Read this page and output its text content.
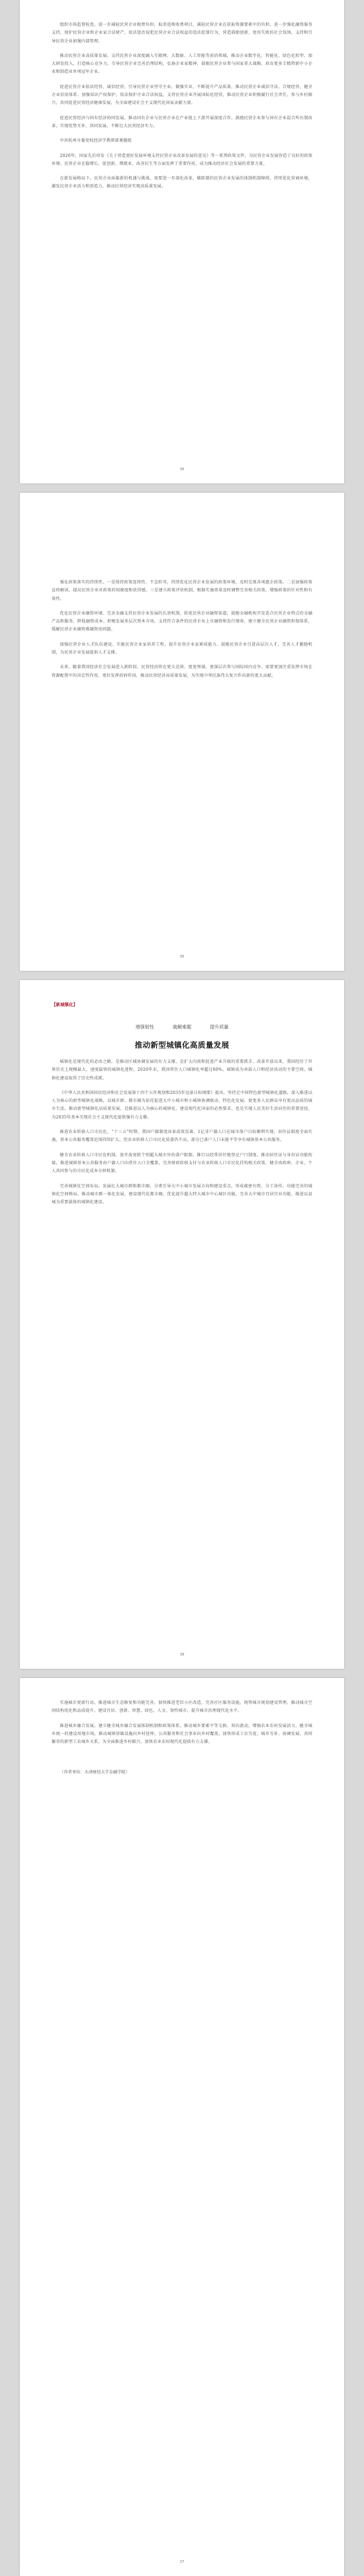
组织市场监督检查，进一步减轻民营企业税费负担，取消违规收费项目，减轻民营企业在获取资源要素中的负担，进一步强化融资服务支持，保护民营企业和企业家合法财产，依法惩治侵犯民营企业合法权益的违法犯罪行为，营造鼓励创新、宽容失败的社会氛围，支持和引导民营企业加强内部管理。

推动民营企业高质量发展。支持民营企业深度融入互联网、大数据、人工智能等前沿领域，推动企业数字化、智能化、绿色化转型，加大研发投入，打造核心竞争力。引导民营企业完善治理结构，弘扬企业家精神，鼓励民营企业参与国家重大战略，培育更多专精特新中小企业和制造业单项冠军企业。

促进民营企业依法经营、诚信经营。引导民营企业坚守主业，做强实业，不断提升产品质量，推动民营企业诚信守法、合规经营，健全企业信用体系。加强知识产权保护，依法保护企业合法权益，支持民营企业开展国际化经营，推动民营企业积极履行社会责任，参与乡村振兴，共同促进民营经济健康发展，为全面建设社会主义现代化国家贡献力量。

促进民营经济与国有经济协同发展。推动国有企业与民营企业在产业链上下游开展深度合作，鼓励民营企业参与国有企业混合所有制改革，实现优势互补、共同发展，不断壮大民营经济实力。

中共杭州市委党校经济学教研部课题组

2020年，国家先后印发《关于营造更好发展环境支持民营企业改革发展的意见》等一系列政策文件，为民营企业发展营造了良好的政策环境。民营企业在稳增长、促创新、增就业、改善民生等方面发挥了重要作用，成为推动经济社会发展的重要力量。

在新发展格局下，民营企业面临新的机遇与挑战。需要进一步深化改革，破除制约民营企业发展的体制机制障碍，持续优化营商环境，激发民营企业活力和创造力，推动民营经济实现高质量发展。

36

强化政策落实的持续性。一是保持政策连续性，不急转弯。持续优化民营企业发展的政策环境，及时兑现各项惠企政策。二是加强政策宣传解读，提高民营企业对政策的知晓度和获得感。三是建立政策评估机制，根据实施效果及时调整完善相关政策，增强政策的针对性和有效性。

优化民营企业融资环境。完善金融支持民营企业发展的长效机制，拓宽民营企业融资渠道，鼓励金融机构开发适合民营企业特点的金融产品和服务，降低融资成本。积极发展多层次资本市场，支持符合条件的民营企业上市融资和发行债券，建立健全民营企业融资担保体系，缓解民营企业融资难融资贵问题。

加强民营企业人才队伍建设。实施民营企业家培养工程，提升民营企业家素质能力。鼓励民营企业引进高层次人才，完善人才激励机制，为民营企业发展提供人才支撑。

未来，随着我国经济社会发展进入新阶段，民营经济将在更大范围、更宽领域、更深层次参与国际国内竞争。需要更加注重发挥市场在资源配置中的决定性作用，更好发挥政府作用，推动民营经济高质量发展，为实现中华民族伟大复兴作出新的更大贡献。

36
【新城镇化】
增强韧性	破解难题	提升质量
推动新型城镇化高质量发展

城镇化是现代化的必由之路，是推动区域协调发展的有力支撑，是扩大内需和促进产业升级的重要抓手。改革开放以来，我国经历了世界历史上规模最大、速度最快的城镇化进程。2020年末，我国常住人口城镇化率超过60%，城镇成为承载人口和经济活动的主要空间，城镇化建设取得了历史性成就。

《中华人民共和国国民经济和社会发展第十四个五年规划和2035年远景目标纲要》提出，坚持走中国特色新型城镇化道路，深入推进以人为核心的新型城镇化战略，以城市群、都市圈为依托促进大中小城市和小城镇协调联动、特色化发展，使更多人民群众享有更高品质的城市生活。推动新型城镇化高质量发展，是推进以人为核心的城镇化、建设现代化国家的必然要求，也是实现人民美好生活向往的重要途径，为2035年基本实现社会主义现代化提供强有力支撑。

推进农业转移人口市民化。“十三五”时期，我国户籍制度改革成效显著，1亿非户籍人口在城市落户目标顺利实现，居住证制度全面实施，基本公共服务覆盖范围持续扩大。但农业转移人口市民化质量仍不高，部分已落户人口未能平等享有城镇基本公共服务。

健全农业转移人口市民化机制。放开放宽除个别超大城市外的落户限制，推行以经常居住地登记户口制度。推动居住证与身份证功能衔接，推进城镇基本公共服务由户籍人口向常住人口全覆盖，完善财政转移支付与农业转移人口市民化挂钩相关政策，健全由政府、企业、个人共同参与的市民化成本分担机制。

完善城镇化空间布局。发展壮大城市群和都市圈，分类引导大中小城市发展方向和建设重点，形成疏密有致、分工协作、功能完善的城镇化空间格局。推动城市群一体化发展，建设现代化都市圈，优化提升超大特大城市中心城区功能，完善大中城市宜居宜业功能，推进以县城为重要载体的城镇化建设。

38

实施城市更新行动。推进城市生态修复和功能完善，加快推进老旧小区改造，完善社区服务设施，统筹城市规划建设管理，推动城市空间结构优化和品质提升。建设宜居、创新、智慧、绿色、人文、韧性城市，提升城市治理现代化水平。

推进城乡融合发展。建立健全城乡融合发展体制机制和政策体系，推动城乡要素平等交换、双向流动，增强农业农村发展活力。健全城乡统一的建设用地市场，推动城镇基础设施向乡村延伸，公共服务和社会事业向乡村覆盖，加快形成工农互促、城乡互补、协调发展、共同繁荣的新型工农城乡关系，为全面推进乡村振兴、加快农业农村现代化提供有力支撑。

（作者单位：天津财经大学金融学院）
37
